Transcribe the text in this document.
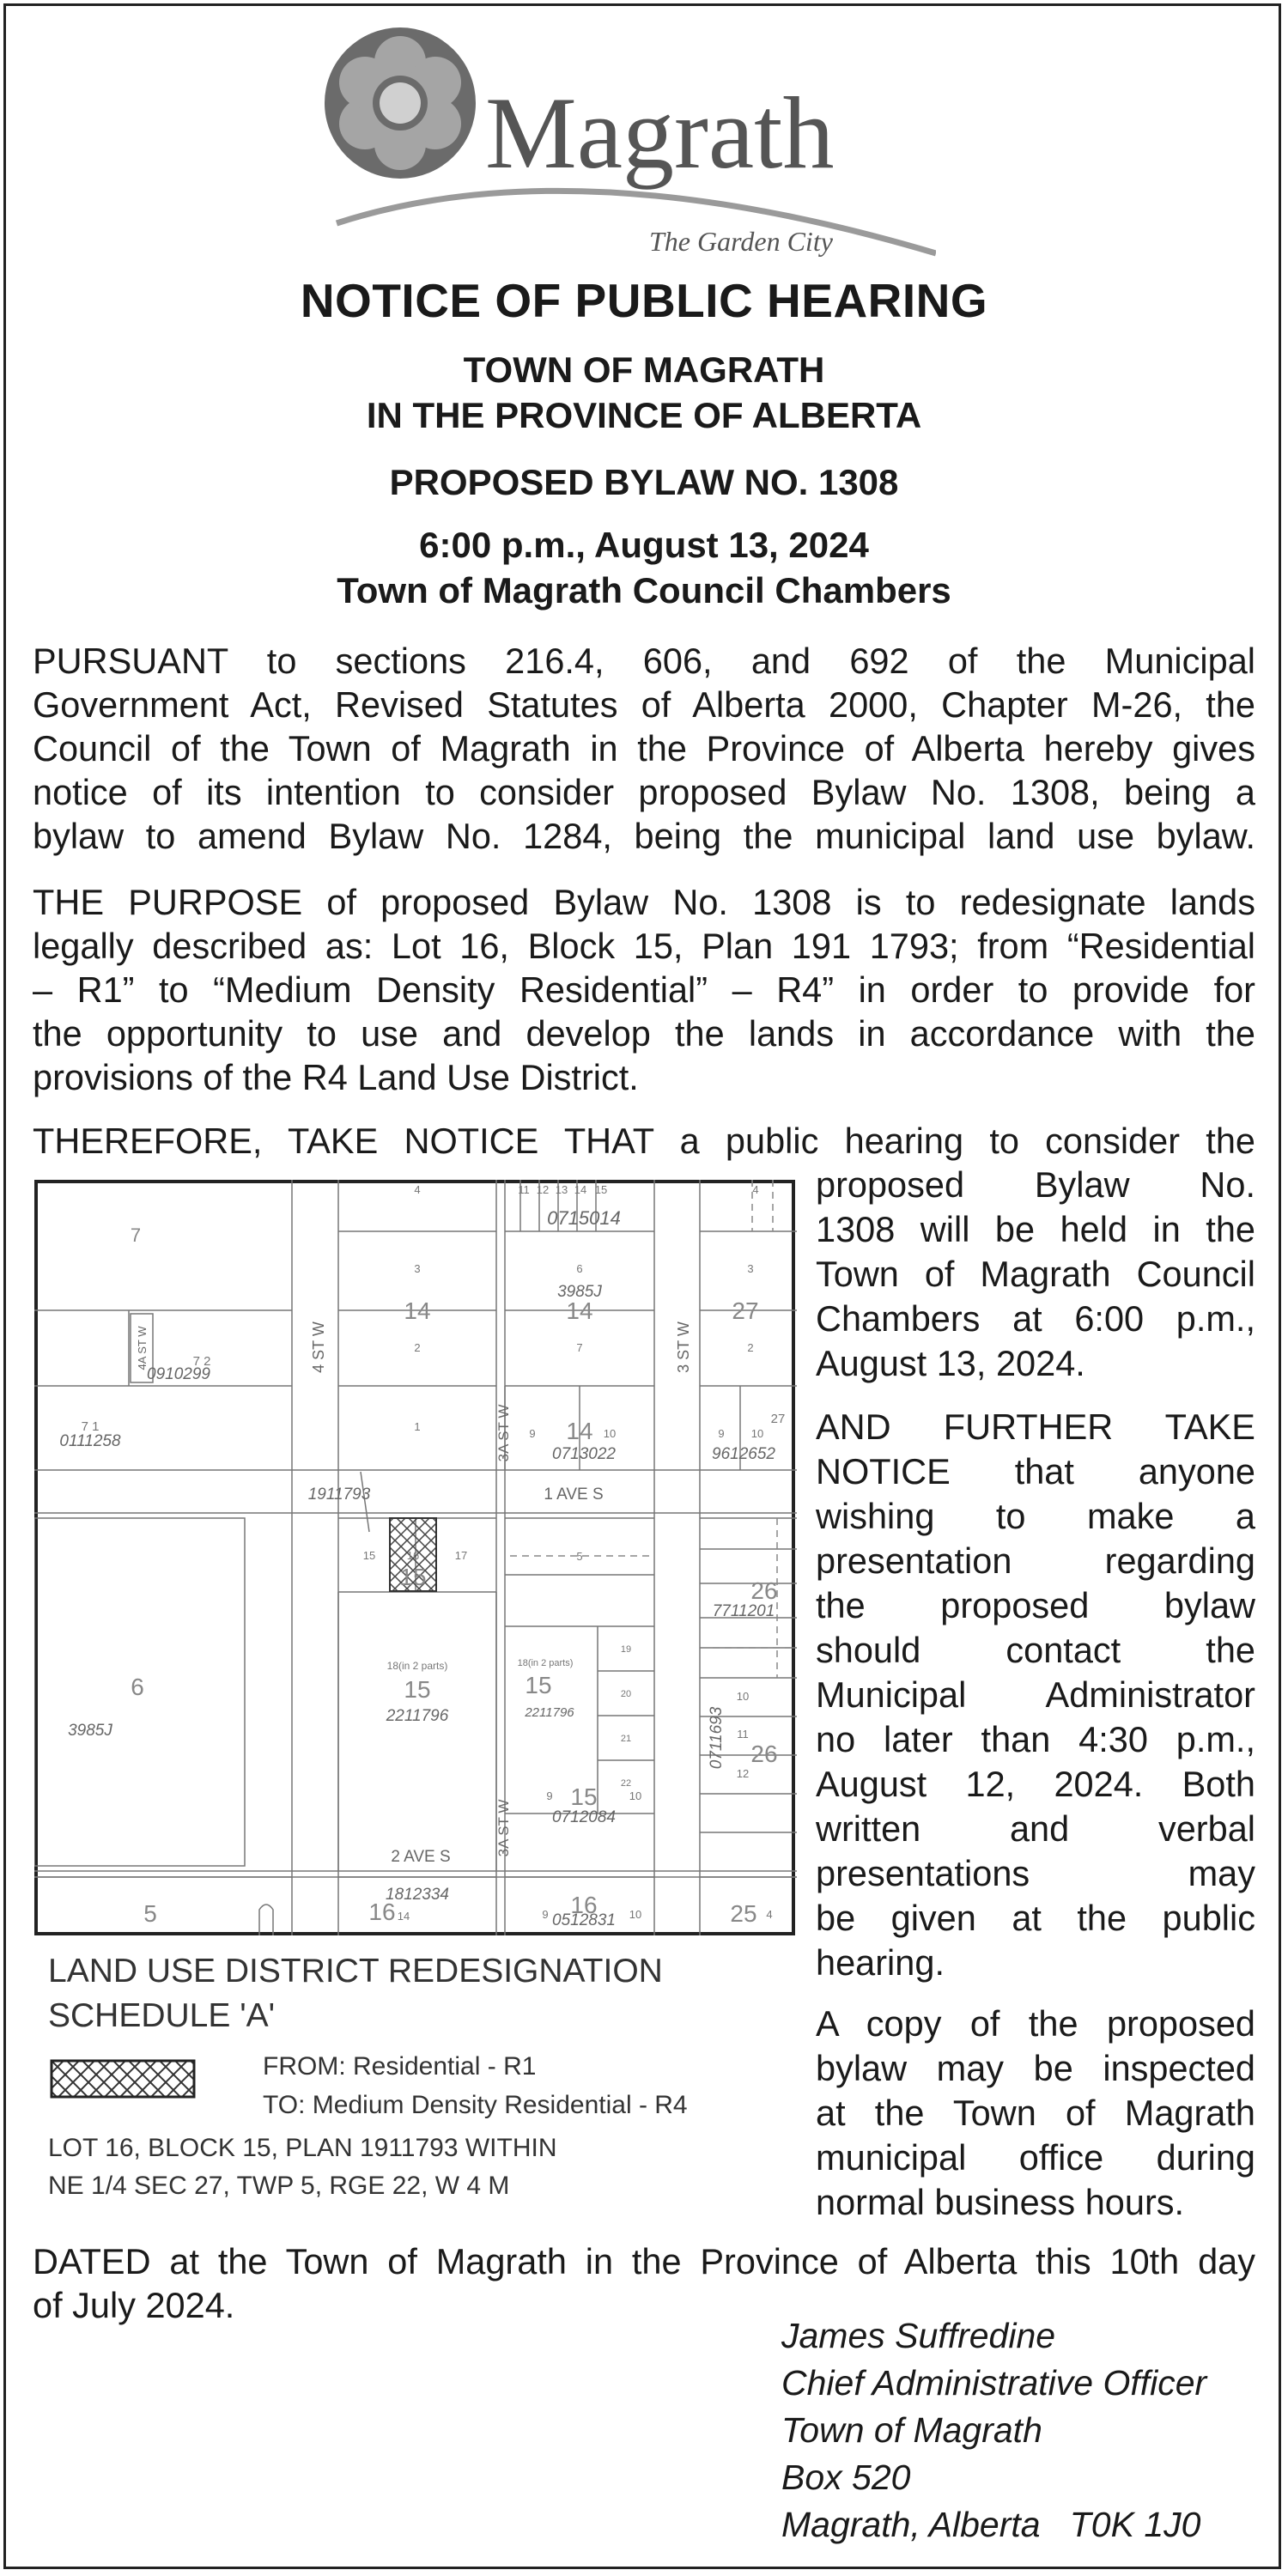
Magrath
The Garden City
NOTICE OF PUBLIC HEARING
TOWN OF MAGRATH
IN THE PROVINCE OF ALBERTA
PROPOSED BYLAW NO. 1308
6:00 p.m., August 13, 2024
Town of Magrath Council Chambers
PURSUANT to sections 216.4, 606, and 692 of the Municipal
Government Act, Revised Statutes of Alberta 2000, Chapter M-26, the
Council of the Town of Magrath in the Province of Alberta hereby gives
notice of its intention to consider proposed Bylaw No. 1308, being a
bylaw to amend Bylaw No. 1284, being the municipal land use bylaw.
THE PURPOSE of proposed Bylaw No. 1308 is to redesignate lands
legally described as: Lot 16, Block 15, Plan 191 1793; from “Residential
– R1” to “Medium Density Residential” – R4” in order to provide for
the opportunity to use and develop the lands in accordance with the
provisions of the R4 Land Use District.
THEREFORE, TAKE NOTICE THAT a public hearing to consider the
proposed Bylaw No.
1308 will be held in the
Town of Magrath Council
Chambers at 6:00 p.m.,
August 13, 2024.
AND FURTHER TAKE
NOTICE that anyone
wishing to make a
presentation regarding
the proposed bylaw
should contact the
Municipal Administrator
no later than 4:30 p.m.,
August 12, 2024. Both
written and verbal
presentations may
be given at the public
hearing.
A copy of the proposed
bylaw may be inspected
at the Town of Magrath
municipal office during
normal business hours.
4 ST W	3 ST W
3A ST W
3A ST W
4A ST W
1 AVE S
2 AVE S
0715014
3985J
0910299
0111258
0713022	9612652
1911793
7711201
2211796	2211796
3985J
0712084
0711693
1812334
0512831
7
14	14
14
27
15
15	15
15
6
26
26
16	16
5	25
4
3
2
1
6
7
11 12 13 14 15
3
2
4
7 2
7 1	9	10	9 10
27
15	16	17	5
18(in 2 parts)	18(in 2 parts)
19
20
21
22
10
11
12
9	10
14	9	10	4
LAND USE DISTRICT REDESIGNATION
SCHEDULE 'A'
FROM: Residential - R1
TO: Medium Density Residential - R4
LOT 16, BLOCK 15, PLAN 1911793 WITHIN
NE 1/4 SEC 27, TWP 5, RGE 22, W 4 M
DATED at the Town of Magrath in the Province of Alberta this 10th day
of July 2024.
James Suffredine
Chief Administrative Officer
Town of Magrath
Box 520
Magrath, Alberta   T0K 1J0
